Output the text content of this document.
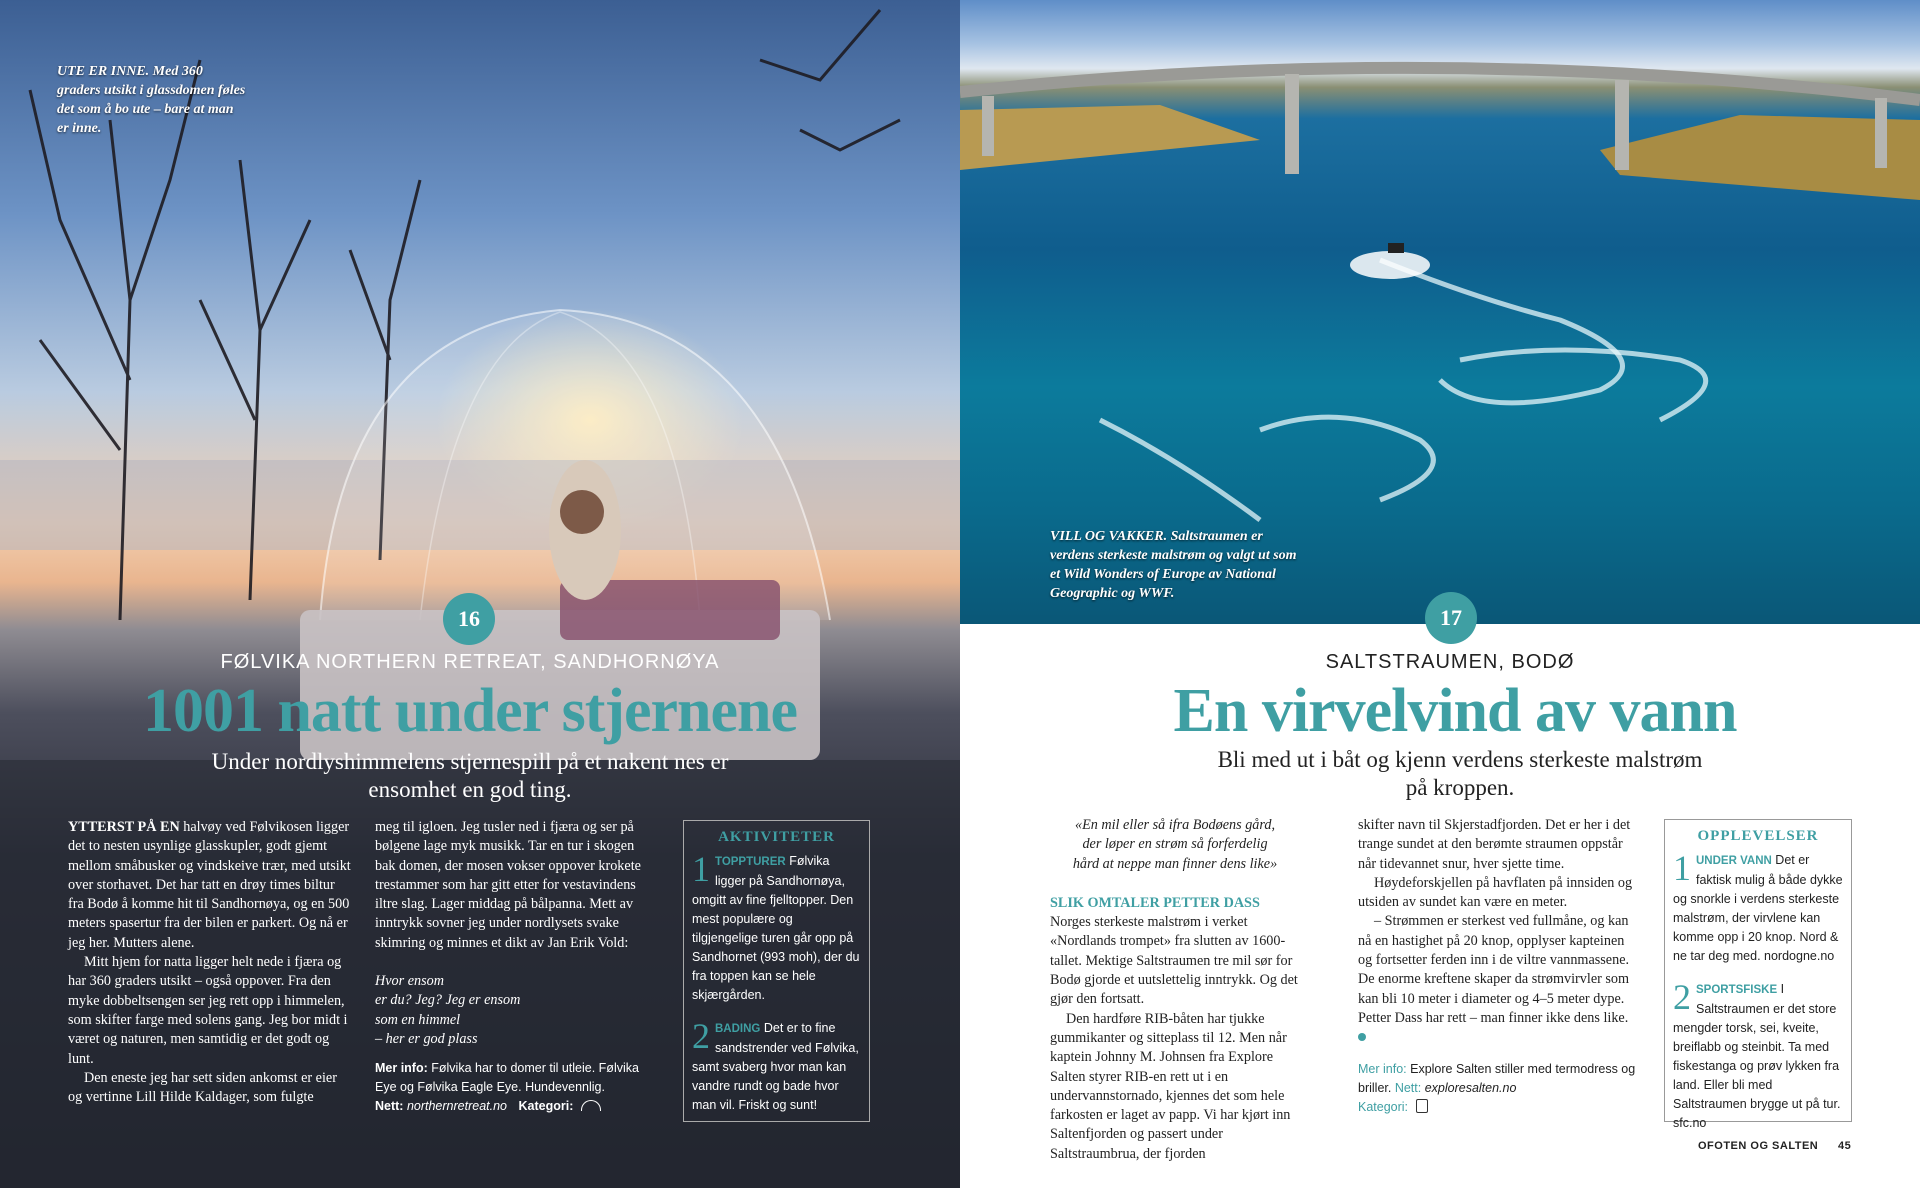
UTE ER INNE. Med 360 graders utsikt i glassdomen føles det som å bo ute – bare at man er inne.
16
FØLVIKA NORTHERN RETREAT, SANDHORNØYA
1001 natt under stjernene
Under nordlyshimmelens stjernespill på et nakent nes er ensomhet en god ting.

YTTERST PÅ EN halvøy ved Følvikosen ligger det to nesten usynlige glasskupler, godt gjemt mellom småbusker og vindskeive trær, med utsikt over storhavet. Det har tatt en drøy times biltur fra Bodø å komme hit til Sandhornøya, og en 500 meters spasertur fra der bilen er parkert. Og nå er jeg her. Mutters alene.

Mitt hjem for natta ligger helt nede i fjæra og har 360 graders utsikt – også oppover. Fra den myke dobbeltsengen ser jeg rett opp i himmelen, som skifter farge med solens gang. Jeg bor midt i været og naturen, men samtidig er det godt og lunt.

Den eneste jeg har sett siden ankomst er eier og vertinne Lill Hilde Kaldager, som fulgte

meg til igloen. Jeg tusler ned i fjæra og ser på bølgene lage myk musikk. Tar en tur i skogen bak domen, der mosen vokser oppover krokete trestammer som har gitt etter for vestavindens iltre slag. Lager middag på bålpanna. Mett av inntrykk sovner jeg under nordlysets svake skimring og minnes et dikt av Jan Erik Vold:

Hvor ensom
er du? Jeg? Jeg er ensom
som en himmel
– her er god plass
Mer info: Følvika har to domer til utleie. Følvika Eye og Følvika Eagle Eye. Hundevennlig.
Nett: northernretreat.no Kategori:
AKTIVITETER
1 TOPPTURER Følvika ligger på Sandhornøya, omgitt av fine fjelltopper. Den mest populære og tilgjengelige turen går opp på Sandhornet (993 moh), der du fra toppen kan se hele skjærgården.
2 BADING Det er to fine sandstrender ved Følvika, samt svaberg hvor man kan vandre rundt og bade hvor man vil. Friskt og sunt!
VILL OG VAKKER. Saltstraumen er verdens sterkeste malstrøm og valgt ut som et Wild Wonders of Europe av National Geographic og WWF.
17
SALTSTRAUMEN, BODØ
En virvelvind av vann
Bli med ut i båt og kjenn verdens sterkeste malstrøm på kroppen.
«En mil eller så ifra Bodøens gård, der løper en strøm så forferdelig hård at neppe man finner dens like»

SLIK OMTALER PETTER DASS Norges sterkeste malstrøm i verket «Nordlands trompet» fra slutten av 1600-tallet. Mektige Saltstraumen tre mil sør for Bodø gjorde et uutslettelig inntrykk. Og det gjør den fortsatt.

Den hardføre RIB-båten har tjukke gummikanter og sitteplass til 12. Men når kaptein Johnny M. Johnsen fra Explore Salten styrer RIB-en rett ut i en undervannstornado, kjennes det som hele farkosten er laget av papp. Vi har kjørt inn Saltenfjorden og passert under Saltstraumbrua, der fjorden

skifter navn til Skjerstadfjorden. Det er her i det trange sundet at den berømte straumen oppstår når tidevannet snur, hver sjette time.

Høydeforskjellen på havflaten på innsiden og utsiden av sundet kan være en meter.

– Strømmen er sterkest ved fullmåne, og kan nå en hastighet på 20 knop, opplyser kapteinen og fortsetter ferden inn i de viltre vannmassene. De enorme kreftene skaper da strømvirvler som kan bli 10 meter i diameter og 4–5 meter dype. Petter Dass har rett – man finner ikke dens like.

Mer info: Explore Salten stiller med termodress og briller. Nett: exploresalten.no
Kategori:
OPPLEVELSER
1 UNDER VANN Det er faktisk mulig å både dykke og snorkle i verdens sterkeste malstrøm, der virvlene kan komme opp i 20 knop. Nord & ne tar deg med. nordogne.no
2 SPORTSFISKE I Saltstraumen er det store mengder torsk, sei, kveite, breiflabb og steinbit. Ta med fiskestanga og prøv lykken fra land. Eller bli med Saltstraumen brygge ut på tur. sfc.no
OFOTEN OG SALTEN 45
